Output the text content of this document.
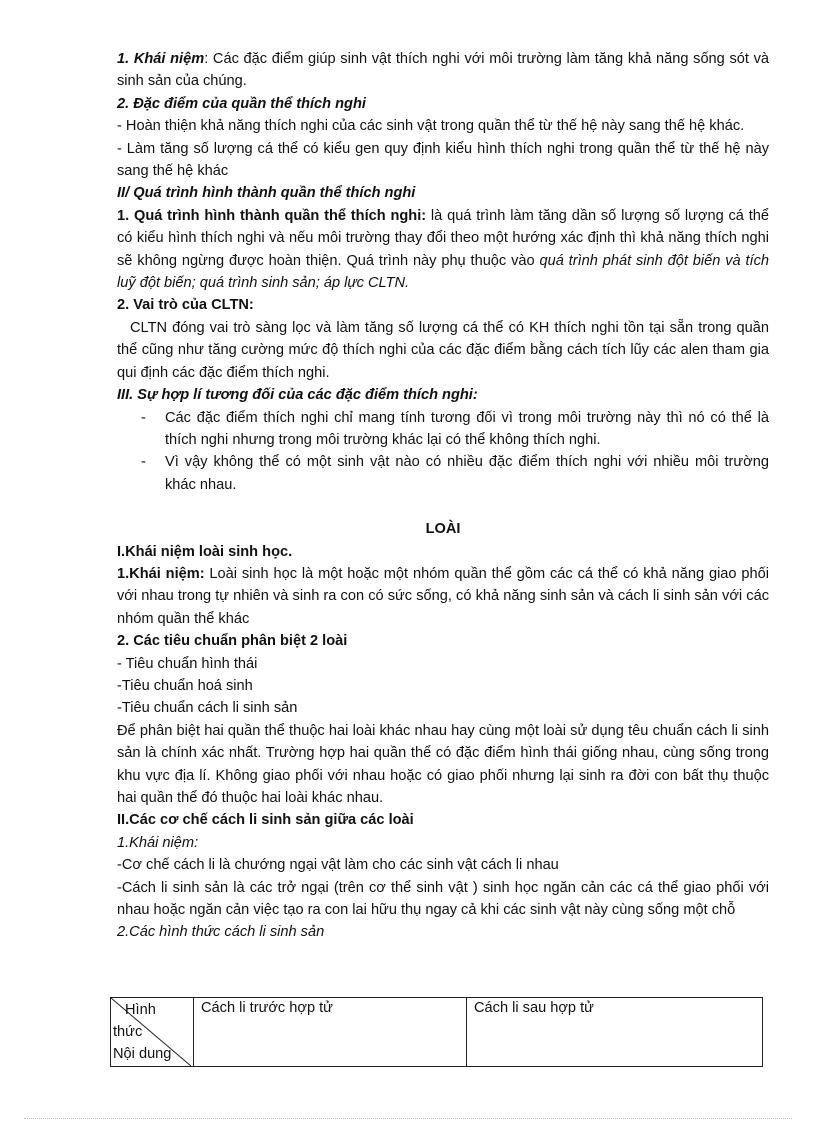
1. Khái niệm: Các đặc điểm giúp sinh vật thích nghi với môi trường làm tăng khả năng sống sót và sinh sản của chúng.

2. Đặc điểm của quần thể thích nghi

- Hoàn thiện khả năng thích nghi của các sinh vật trong quần thể từ thế hệ này sang thế hệ khác.

- Làm tăng số lượng cá thể có kiểu gen quy định kiểu hình thích nghi trong quần thể từ thế hệ này sang thế hệ khác

II/ Quá trình hình thành quần thể thích nghi

1. Quá trình hình thành quần thể thích nghi: là quá trình làm tăng dần số lượng số lượng cá thể có kiểu hình thích nghi và nếu môi trường thay đổi theo một hướng xác định thì khả năng thích nghi sẽ không ngừng được hoàn thiện. Quá trình này phụ thuộc vào quá trình phát sinh đột biến và tích luỹ đột biến; quá trình sinh sản; áp lực CLTN.

2. Vai trò của CLTN:

CLTN đóng vai trò sàng lọc và làm tăng số lượng cá thể có KH thích nghi tồn tại sẵn trong quần thể cũng như tăng cường mức độ thích nghi của các đặc điểm bằng cách tích lũy các alen tham gia qui định các đặc điểm thích nghi.

III. Sự hợp lí tương đối của các đặc điểm thích nghi:

- Các đặc điểm thích nghi chỉ mang tính tương đối vì trong môi trường này thì nó có thể là thích nghi nhưng trong môi trường khác lại có thể không thích nghi.
- Vì vậy không thể có một sinh vật nào có nhiều đặc điểm thích nghi với nhiều môi trường khác nhau.

LOÀI

I.Khái niệm loài sinh học.

1.Khái niệm: Loài sinh học là một hoặc một nhóm quần thể gồm các cá thể có khả năng giao phối với nhau trong tự nhiên và sinh ra con có sức sống, có khả năng sinh sản và cách li sinh sản với các nhóm quần thể khác

2. Các tiêu chuẩn phân biệt 2 loài

- Tiêu chuẩn hình thái

-Tiêu chuẩn hoá sinh

-Tiêu chuẩn cách li sinh sản

Để phân biệt hai quần thể thuộc hai loài khác nhau hay cùng một loài sử dụng têu chuẩn cách li sinh sản là chính xác nhất. Trường hợp hai quần thể có đặc điểm hình thái giống nhau, cùng sống trong khu vực địa lí. Không giao phối với nhau hoặc có giao phối nhưng lại sinh ra đời con bất thụ thuộc hai quần thể đó thuộc hai loài khác nhau.

II.Các cơ chế cách li sinh sản giữa các loài

1.Khái niệm:

-Cơ chế cách li là chướng ngại vật làm cho các sinh vật cách li nhau

-Cách li sinh sản là các trở ngại (trên cơ thể sinh vật ) sinh học ngăn cản các cá thể giao phối với nhau hoặc ngăn cản việc tạo ra con lai hữu thụ ngay cả khi các sinh vật này cùng sống một chỗ

2.Các hình thức cách li sinh sản

Hình
thức
Nội dung
	Cách li trước hợp tử	Cách li sau hợp tử
